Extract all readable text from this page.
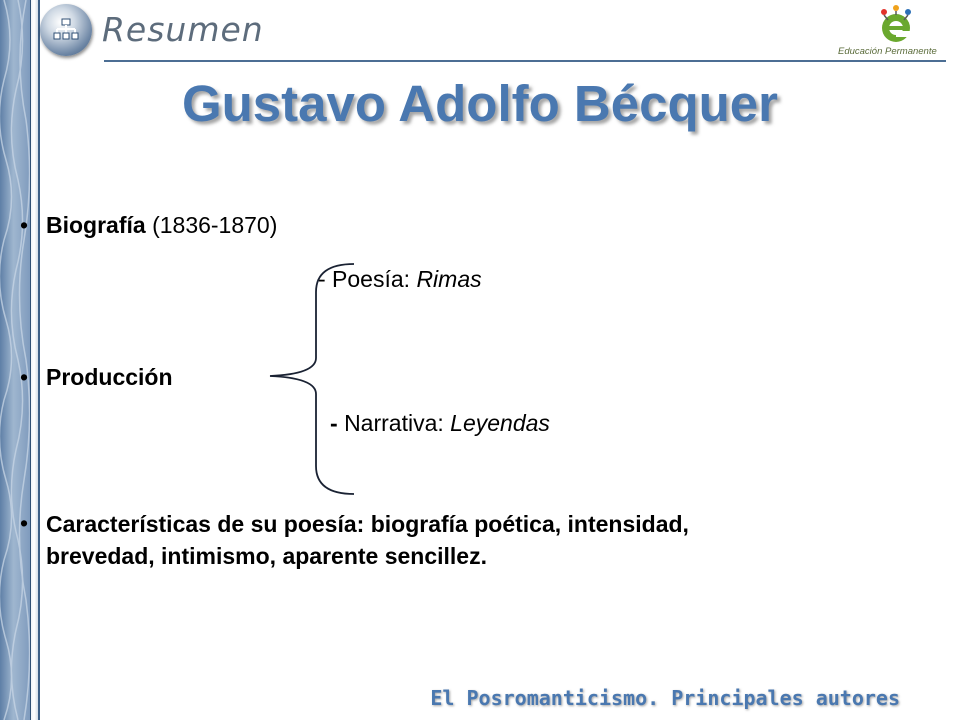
Resumen
Educación Permanente
Gustavo Adolfo Bécquer
• Biografía (1836-1870)
- Poesía: Rimas
• Producción
- Narrativa: Leyendas
• Características de su poesía: biografía poética, intensidad, brevedad, intimismo, aparente sencillez.
El Posromanticismo. Principales autores
